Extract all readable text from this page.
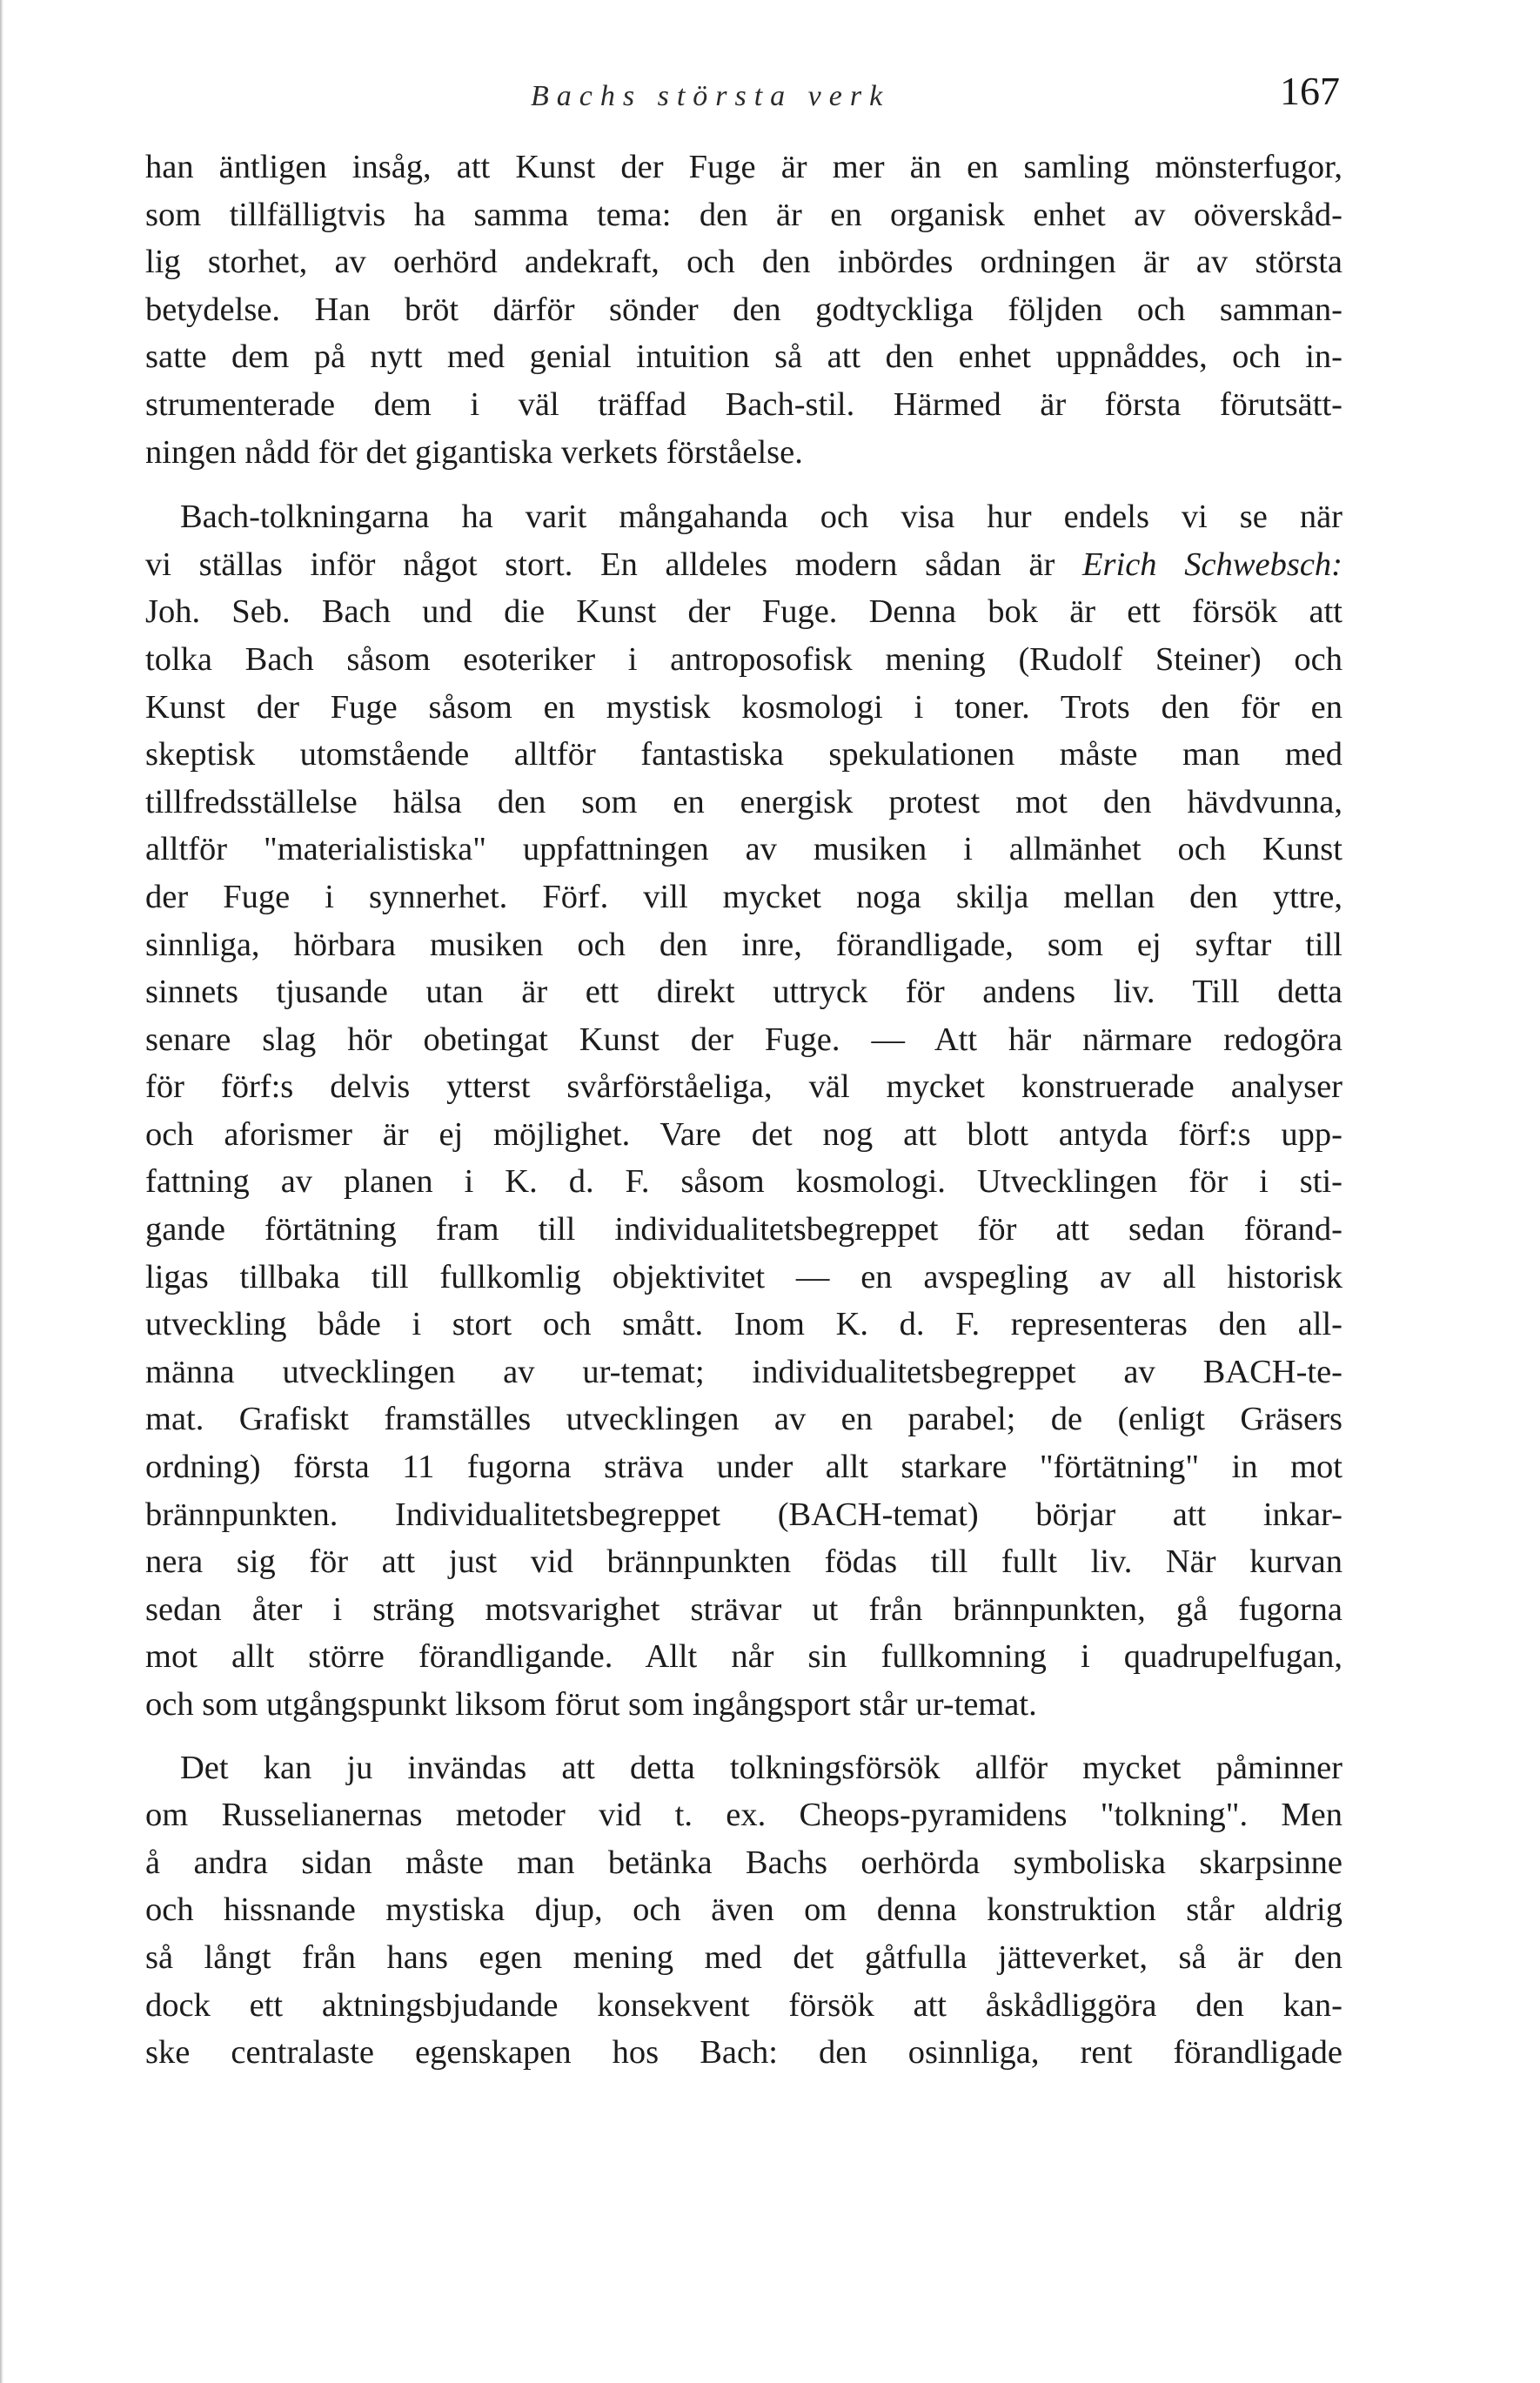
Bachs största verk	167
han äntligen insåg, att Kunst der Fuge är mer än en samling mönsterfugor,
som tillfälligtvis ha samma tema: den är en organisk enhet av oöverskåd-
lig storhet, av oerhörd andekraft, och den inbördes ordningen är av största
betydelse. Han bröt därför sönder den godtyckliga följden och samman-
satte dem på nytt med genial intuition så att den enhet uppnåddes, och in-
strumenterade dem i väl träffad Bach-stil. Härmed är första förutsätt-
ningen nådd för det gigantiska verkets förståelse.
Bach-tolkningarna ha varit mångahanda och visa hur endels vi se när
vi ställas inför något stort. En alldeles modern sådan är Erich Schwebsch:
Joh. Seb. Bach und die Kunst der Fuge. Denna bok är ett försök att
tolka Bach såsom esoteriker i antroposofisk mening (Rudolf Steiner) och
Kunst der Fuge såsom en mystisk kosmologi i toner. Trots den för en
skeptisk utomstående alltför fantastiska spekulationen måste man med
tillfredsställelse hälsa den som en energisk protest mot den hävdvunna,
alltför "materialistiska" uppfattningen av musiken i allmänhet och Kunst
der Fuge i synnerhet. Förf. vill mycket noga skilja mellan den yttre,
sinnliga, hörbara musiken och den inre, förandligade, som ej syftar till
sinnets tjusande utan är ett direkt uttryck för andens liv. Till detta
senare slag hör obetingat Kunst der Fuge. — Att här närmare redogöra
för förf:s delvis ytterst svårförståeliga, väl mycket konstruerade analyser
och aforismer är ej möjlighet. Vare det nog att blott antyda förf:s upp-
fattning av planen i K. d. F. såsom kosmologi. Utvecklingen för i sti-
gande förtätning fram till individualitetsbegreppet för att sedan förand-
ligas tillbaka till fullkomlig objektivitet — en avspegling av all historisk
utveckling både i stort och smått. Inom K. d. F. representeras den all-
männa utvecklingen av ur-temat; individualitetsbegreppet av BACH-te-
mat. Grafiskt framställes utvecklingen av en parabel; de (enligt Gräsers
ordning) första 11 fugorna sträva under allt starkare "förtätning" in mot
brännpunkten. Individualitetsbegreppet (BACH-temat) börjar att inkar-
nera sig för att just vid brännpunkten födas till fullt liv. När kurvan
sedan åter i sträng motsvarighet strävar ut från brännpunkten, gå fugorna
mot allt större förandligande. Allt når sin fullkomning i quadrupelfugan,
och som utgångspunkt liksom förut som ingångsport står ur-temat.
Det kan ju invändas att detta tolkningsförsök allför mycket påminner
om Russelianernas metoder vid t. ex. Cheops-pyramidens "tolkning". Men
å andra sidan måste man betänka Bachs oerhörda symboliska skarpsinne
och hissnande mystiska djup, och även om denna konstruktion står aldrig
så långt från hans egen mening med det gåtfulla jätteverket, så är den
dock ett aktningsbjudande konsekvent försök att åskådliggöra den kan-
ske centralaste egenskapen hos Bach: den osinnliga, rent förandligade
